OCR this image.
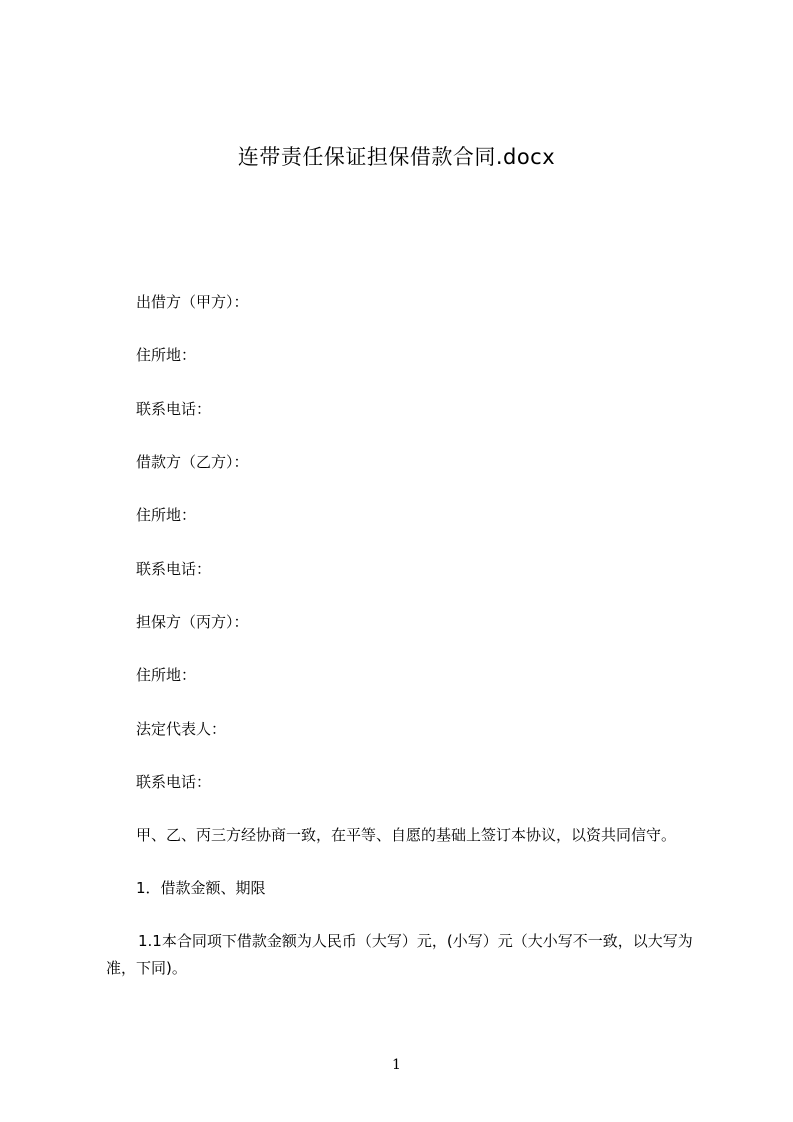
连带责任保证担保借款合同.docx
出借方（甲方）：
住所地：
联系电话：
借款方（乙方）：
住所地：
联系电话：
担保方（丙方）：
住所地：
法定代表人：
联系电话：
甲、乙、丙三方经协商一致，在平等、自愿的基础上签订本协议，以资共同信守。
1．借款金额、期限
1.1本合同项下借款金额为人民币（大写）元，(小写）元（大小写不一致，以大写为准，下同)。
1
